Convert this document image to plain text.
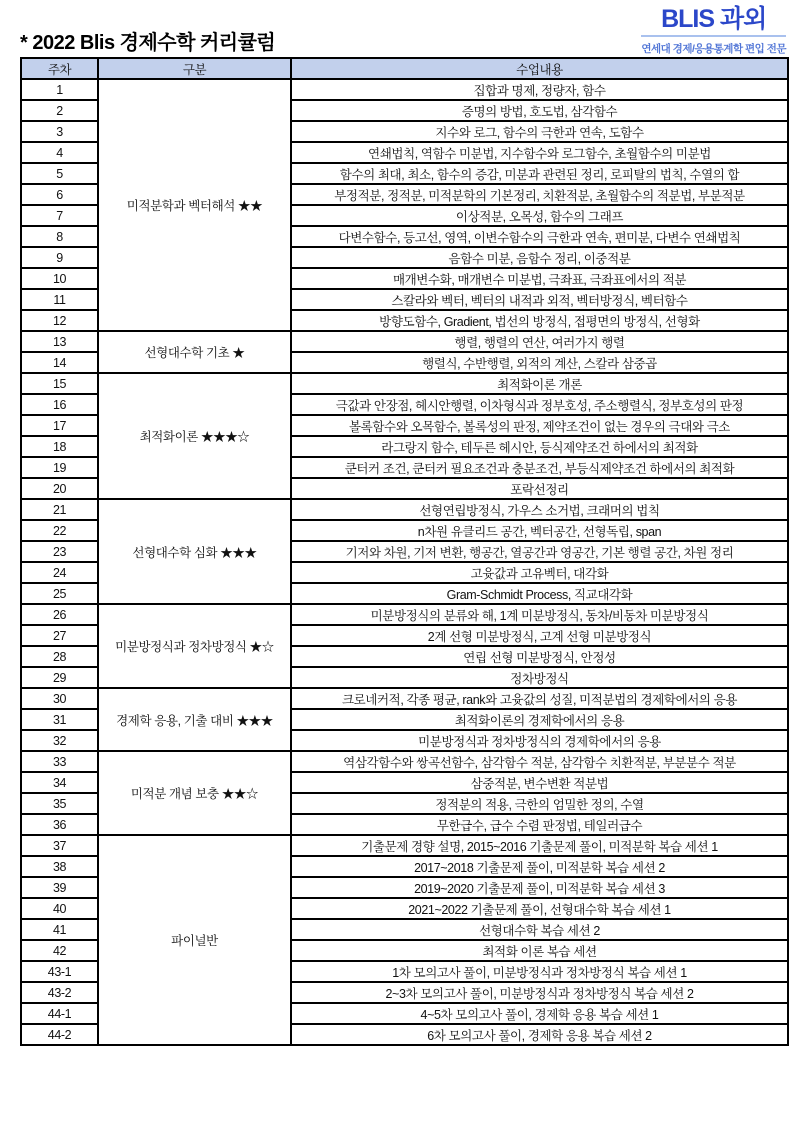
* 2022 Blis 경제수학 커리큘럼
BLIS 과외
연세대 경제/응용통계학 편입 전문
주차	구분	수업내용
1	미적분학과 벡터해석 ★★	집합과 명제, 정량자, 함수
2		증명의 방법, 호도법, 삼각함수
3		지수와 로그, 함수의 극한과 연속, 도함수
4		연쇄법칙, 역함수 미분법, 지수함수와 로그함수, 초월함수의 미분법
5		함수의 최대, 최소, 함수의 증감, 미분과 관련된 정리, 로피탈의 법칙, 수열의 합
6		부정적분, 정적분, 미적분학의 기본정리, 치환적분, 초월함수의 적분법, 부분적분
7		이상적분, 오목성, 함수의 그래프
8		다변수함수, 등고선, 영역, 이변수함수의 극한과 연속, 편미분, 다변수 연쇄법칙
9		음함수 미분, 음함수 정리, 이중적분
10		매개변수화, 매개변수 미분법, 극좌표, 극좌표에서의 적분
11		스칼라와 벡터, 벡터의 내적과 외적, 벡터방정식, 벡터함수
12		방향도함수, Gradient, 법선의 방정식, 접평면의 방정식, 선형화
13	선형대수학 기초 ★	행렬, 행렬의 연산, 여러가지 행렬
14		행렬식, 수반행렬, 외적의 계산, 스칼라 삼중곱
15	최적화이론 ★★★☆	최적화이론 개론
16		극값과 안장점, 헤시안행렬, 이차형식과 정부호성, 주소행렬식, 정부호성의 판정
17		볼록함수와 오목함수, 볼록성의 판정, 제약조건이 없는 경우의 극대와 극소
18		라그랑지 함수, 테두른 헤시안, 등식제약조건 하에서의 최적화
19		쿤터커 조건, 쿤터커 필요조건과 충분조건, 부등식제약조건 하에서의 최적화
20		포락선정리
21	선형대수학 심화 ★★★	선형연립방정식, 가우스 소거법, 크래머의 법칙
22		n차원 유클리드 공간, 벡터공간, 선형독립, span
23		기저와 차원, 기저 변환, 행공간, 열공간과 영공간, 기본 행렬 공간, 차원 정리
24		고윳값과 고유벡터, 대각화
25		Gram-Schmidt Process, 직교대각화
26	미분방정식과 정차방정식 ★☆	미분방정식의 분류와 해, 1계 미분방정식, 동차/비동차 미분방정식
27		2계 선형 미분방정식, 고계 선형 미분방정식
28		연립 선형 미분방정식, 안정성
29		정차방정식
30	경제학 응용, 기출 대비 ★★★	크로네커적, 각종 평균, rank와 고윳값의 성질, 미적분법의 경제학에서의 응용
31		최적화이론의 경제학에서의 응용
32		미분방정식과 정차방정식의 경제학에서의 응용
33	미적분 개념 보충 ★★☆	역삼각함수와 쌍곡선함수, 삼각함수 적분, 삼각함수 치환적분, 부분분수 적분
34		삼중적분, 변수변환 적분법
35		정적분의 적용, 극한의 엄밀한 정의, 수열
36		무한급수, 급수 수렴 판정법, 테일러급수
37	파이널반	기출문제 경향 설명, 2015~2016 기출문제 풀이, 미적분학 복습 세션 1
38		2017~2018 기출문제 풀이, 미적분학 복습 세션 2
39		2019~2020 기출문제 풀이, 미적분학 복습 세션 3
40		2021~2022 기출문제 풀이, 선형대수학 복습 세션 1
41		선형대수학 복습 세션 2
42		최적화 이론 복습 세션
43-1		1차 모의고사 풀이, 미분방정식과 정차방정식 복습 세션 1
43-2		2~3차 모의고사 풀이, 미분방정식과 정차방정식 복습 세션 2
44-1		4~5차 모의고사 풀이, 경제학 응용 복습 세션 1
44-2		6차 모의고사 풀이, 경제학 응용 복습 세션 2
